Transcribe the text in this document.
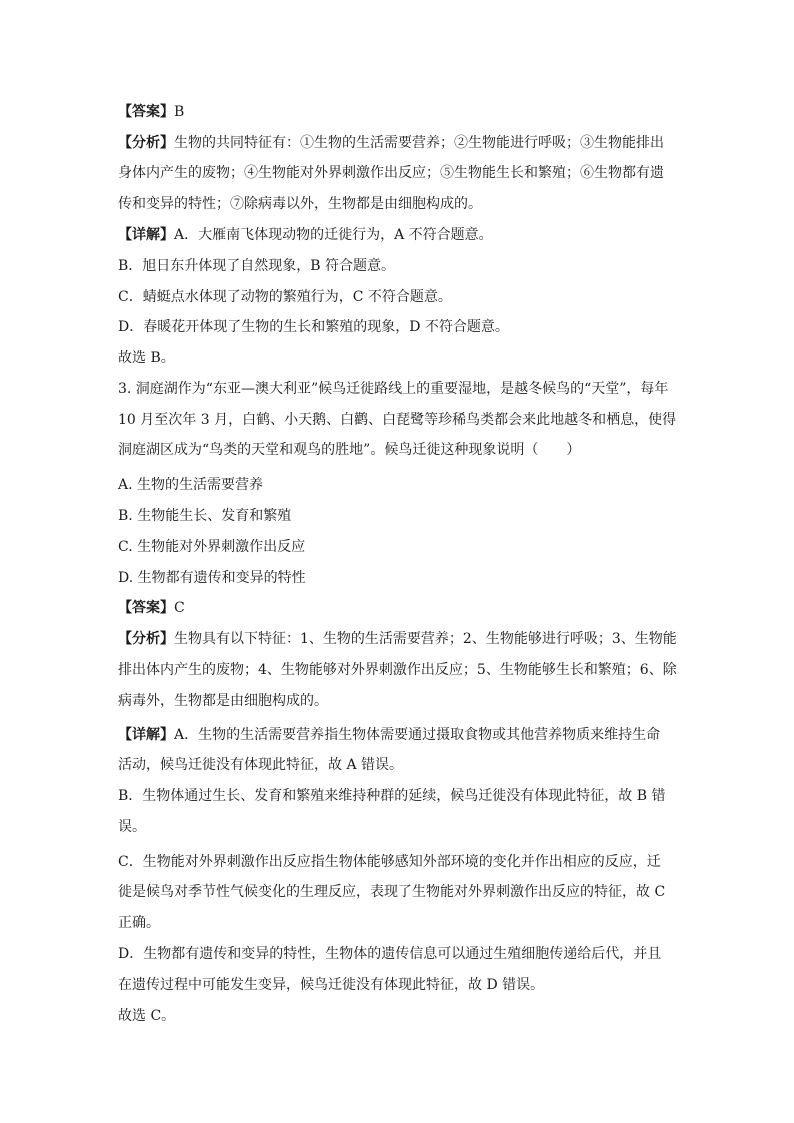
【答案】B
【分析】生物的共同特征有：①生物的生活需要营养；②生物能进行呼吸；③生物能排出
身体内产生的废物；④生物能对外界刺激作出反应；⑤生物能生长和繁殖；⑥生物都有遗
传和变异的特性；⑦除病毒以外，生物都是由细胞构成的。
【详解】A．大雁南飞体现动物的迁徙行为，A 不符合题意。
B．旭日东升体现了自然现象，B 符合题意。
C．蜻蜓点水体现了动物的繁殖行为，C 不符合题意。
D．春暖花开体现了生物的生长和繁殖的现象，D 不符合题意。
故选 B。
3. 洞庭湖作为“东亚—澳大利亚”候鸟迁徙路线上的重要湿地，是越冬候鸟的“天堂”，每年
10 月至次年 3 月，白鹤、小天鹅、白鹳、白琵鹭等珍稀鸟类都会来此地越冬和栖息，使得
洞庭湖区成为“鸟类的天堂和观鸟的胜地”。候鸟迁徙这种现象说明（　　）
A. 生物的生活需要营养
B. 生物能生长、发育和繁殖
C. 生物能对外界刺激作出反应
D. 生物都有遗传和变异的特性
【答案】C
【分析】生物具有以下特征：1、生物的生活需要营养；2、生物能够进行呼吸；3、生物能
排出体内产生的废物；4、生物能够对外界刺激作出反应；5、生物能够生长和繁殖；6、除
病毒外，生物都是由细胞构成的。
【详解】A．生物的生活需要营养指生物体需要通过摄取食物或其他营养物质来维持生命
活动，候鸟迁徙没有体现此特征，故 A 错误。
B．生物体通过生长、发育和繁殖来维持种群的延续，候鸟迁徙没有体现此特征，故 B 错
误。
C．生物能对外界刺激作出反应指生物体能够感知外部环境的变化并作出相应的反应，迁
徙是候鸟对季节性气候变化的生理反应，表现了生物能对外界刺激作出反应的特征，故 C
正确。
D．生物都有遗传和变异的特性，生物体的遗传信息可以通过生殖细胞传递给后代，并且
在遗传过程中可能发生变异，候鸟迁徙没有体现此特征，故 D 错误。
故选 C。
